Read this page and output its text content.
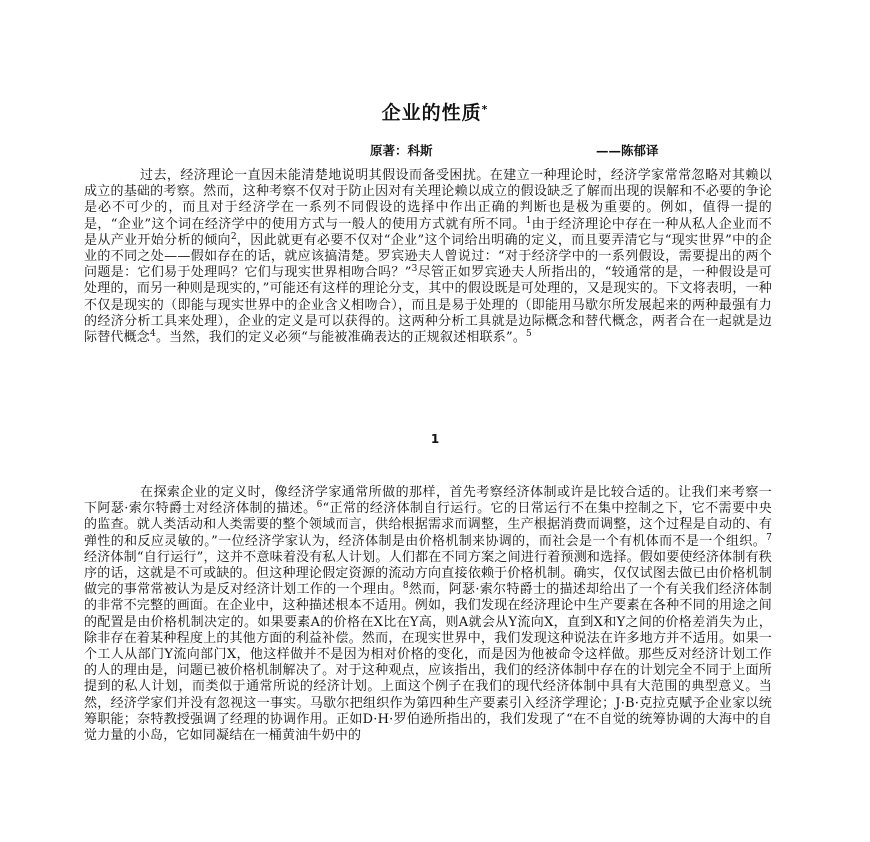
企业的性质*
原著：科斯	——陈郁译

过去，经济理论一直因未能清楚地说明其假设而备受困扰。在建立一种理论时，经济学家常常忽略对其赖以成立的基础的考察。然而，这种考察不仅对于防止因对有关理论赖以成立的假设缺乏了解而出现的误解和不必要的争论是必不可少的，而且对于经济学在一系列不同假设的选择中作出正确的判断也是极为重要的。例如，值得一提的是，“企业”这个词在经济学中的使用方式与一般人的使用方式就有所不同。$^1$由于经济理论中存在一种从私人企业而不是从产业开始分析的倾向$^2$，因此就更有必要不仅对“企业”这个词给出明确的定义，而且要弄清它与“现实世界”中的企业的不同之处——假如存在的话，就应该搞清楚。罗宾逊夫人曾说过：“对于经济学中的一系列假设，需要提出的两个问题是：它们易于处理吗？它们与现实世界相吻合吗？”$^3$尽管正如罗宾逊夫人所指出的，“较通常的是，一种假设是可处理的，而另一种则是现实的，”可能还有这样的理论分支，其中的假设既是可处理的，又是现实的。下文将表明，一种不仅是现实的（即能与现实世界中的企业含义相吻合），而且是易于处理的（即能用马歇尔所发展起来的两种最强有力的经济分析工具来处理），企业的定义是可以获得的。这两种分析工具就是边际概念和替代概念，两者合在一起就是边际替代概念$^4$。当然，我们的定义必须“与能被准确表达的正规叙述相联系”。$^5$

1

在探索企业的定义时，像经济学家通常所做的那样，首先考察经济体制或许是比较合适的。让我们来考察一下阿瑟·索尔特爵士对经济体制的描述。$^6$“正常的经济体制自行运行。它的日常运行不在集中控制之下，它不需要中央的监查。就人类活动和人类需要的整个领域而言，供给根据需求而调整，生产根据消费而调整，这个过程是自动的、有弹性的和反应灵敏的。”一位经济学家认为，经济体制是由价格机制来协调的，而社会是一个有机体而不是一个组织。$^7$经济体制“自行运行”，这并不意味着没有私人计划。人们都在不同方案之间进行着预测和选择。假如要使经济体制有秩序的话，这就是不可或缺的。但这种理论假定资源的流动方向直接依赖于价格机制。确实，仅仅试图去做已由价格机制做完的事常常被认为是反对经济计划工作的一个理由。$^8$然而，阿瑟·索尔特爵士的描述却给出了一个有关我们经济体制的非常不完整的画面。在企业中，这种描述根本不适用。例如，我们发现在经济理论中生产要素在各种不同的用途之间的配置是由价格机制决定的。如果要素A的价格在X比在Y高，则A就会从Y流向X，直到X和Y之间的价格差消失为止，除非存在着某种程度上的其他方面的利益补偿。然而，在现实世界中，我们发现这种说法在许多地方并不适用。如果一个工人从部门Y流向部门X，他这样做并不是因为相对价格的变化，而是因为他被命令这样做。那些反对经济计划工作的人的理由是，问题已被价格机制解决了。对于这种观点，应该指出，我们的经济体制中存在的计划完全不同于上面所提到的私人计划，而类似于通常所说的经济计划。上面这个例子在我们的现代经济体制中具有大范围的典型意义。当然，经济学家们并没有忽视这一事实。马歇尔把组织作为第四种生产要素引入经济学理论；J·B·克拉克赋予企业家以统筹职能；奈特教授强调了经理的协调作用。正如D·H·罗伯逊所指出的，我们发现了“在不自觉的统筹协调的大海中的自觉力量的小岛，它如同凝结在一桶黄油牛奶中的
